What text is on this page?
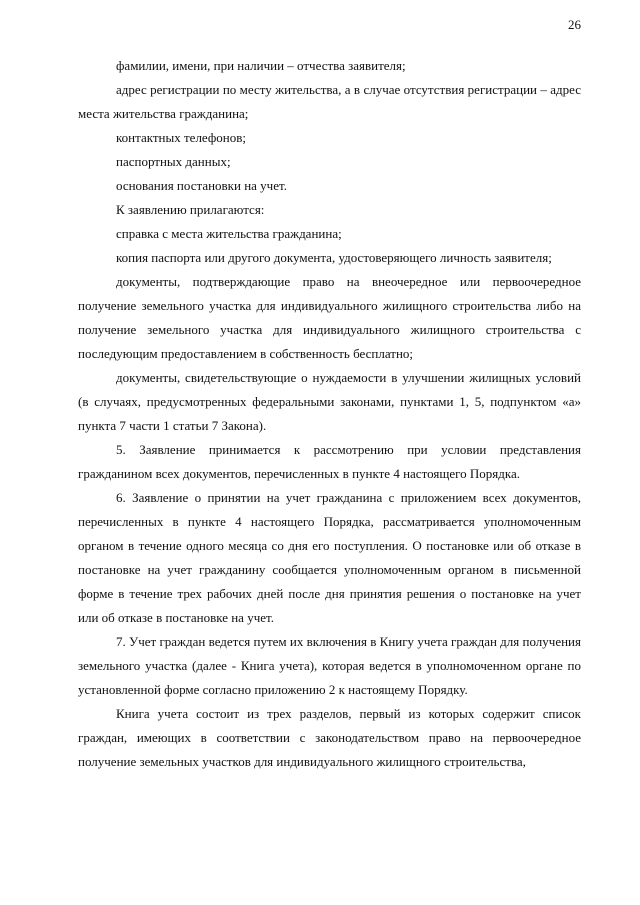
26

фамилии, имени, при наличии – отчества заявителя;

адрес регистрации по месту жительства, а в случае отсутствия регистрации – адрес места жительства гражданина;

контактных телефонов;

паспортных данных;

основания постановки на учет.

К заявлению прилагаются:

справка с места жительства гражданина;

копия паспорта или другого документа, удостоверяющего личность заявителя;

документы, подтверждающие право на внеочередное или первоочередное получение земельного участка для индивидуального жилищного строительства либо на получение земельного участка для индивидуального жилищного строительства с последующим предоставлением в собственность бесплатно;

документы, свидетельствующие о нуждаемости в улучшении жилищных условий (в случаях, предусмотренных федеральными законами, пунктами 1, 5, подпунктом «а» пункта 7 части 1 статьи 7 Закона).

5. Заявление принимается к рассмотрению при условии представления гражданином всех документов, перечисленных в пункте 4 настоящего Порядка.

6. Заявление о принятии на учет гражданина с приложением всех документов, перечисленных в пункте 4 настоящего Порядка, рассматривается уполномоченным органом в течение одного месяца со дня его поступления. О постановке или об отказе в постановке на учет гражданину сообщается уполномоченным органом в письменной форме в течение трех рабочих дней после дня принятия решения о постановке на учет или об отказе в постановке на учет.

7. Учет граждан ведется путем их включения в Книгу учета граждан для получения земельного участка (далее - Книга учета), которая ведется в уполномоченном органе по установленной форме согласно приложению 2 к настоящему Порядку.

Книга учета состоит из трех разделов, первый из которых содержит список граждан, имеющих в соответствии с законодательством право на первоочередное получение земельных участков для индивидуального жилищного строительства,
